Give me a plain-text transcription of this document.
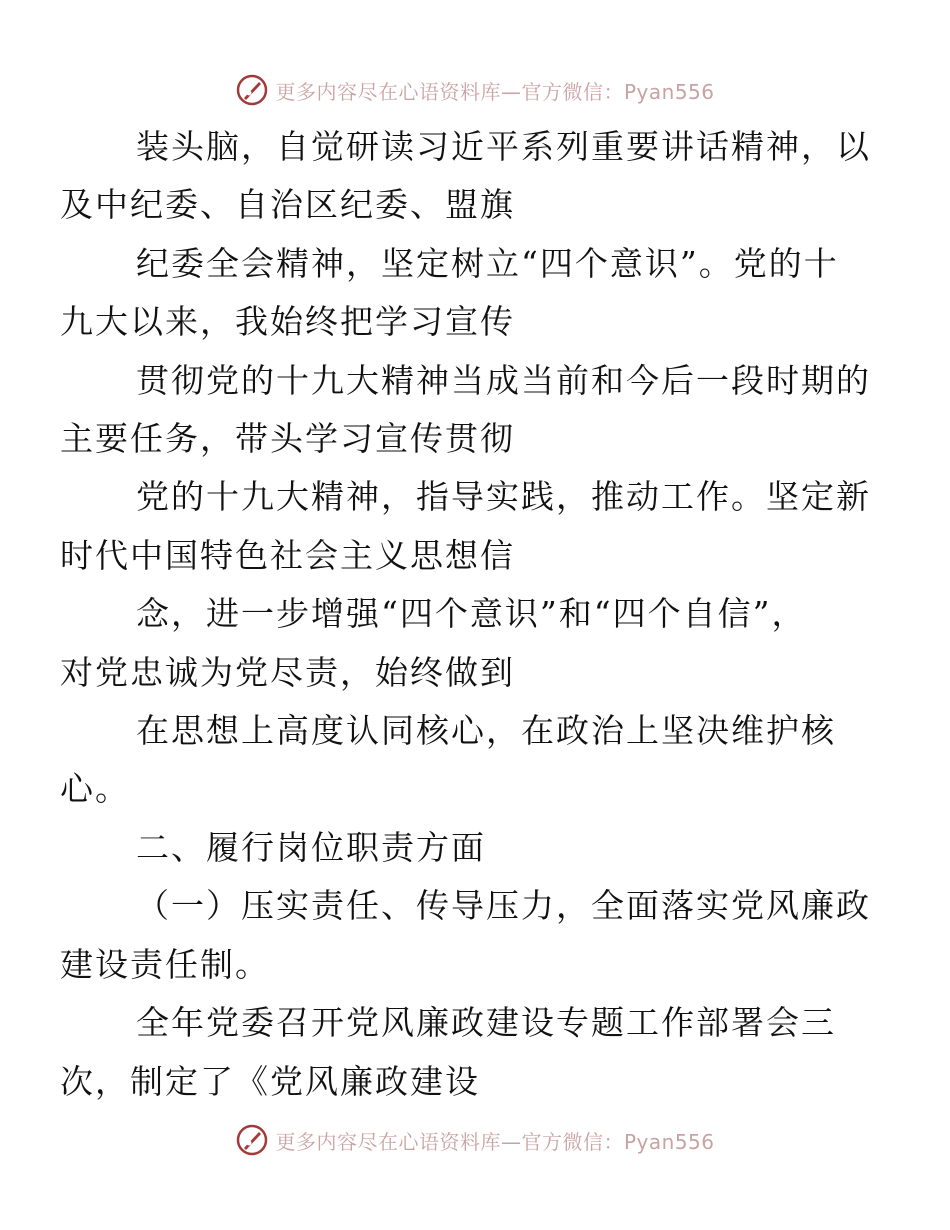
更多内容尽在心语资料库—官方微信：Pyan556

装头脑，自觉研读习近平系列重要讲话精神，以
及中纪委、自治区纪委、盟旗

纪委全会精神，坚定树立“四个意识”。党的十
九大以来，我始终把学习宣传

贯彻党的十九大精神当成当前和今后一段时期的
主要任务，带头学习宣传贯彻

党的十九大精神，指导实践，推动工作。坚定新
时代中国特色社会主义思想信

念，进一步增强“四个意识”和“四个自信”，
对党忠诚为党尽责，始终做到

在思想上高度认同核心，在政治上坚决维护核
心。

二、履行岗位职责方面

（一）压实责任、传导压力，全面落实党风廉政
建设责任制。

全年党委召开党风廉政建设专题工作部署会三
次，制定了《党风廉政建设

更多内容尽在心语资料库—官方微信：Pyan556
